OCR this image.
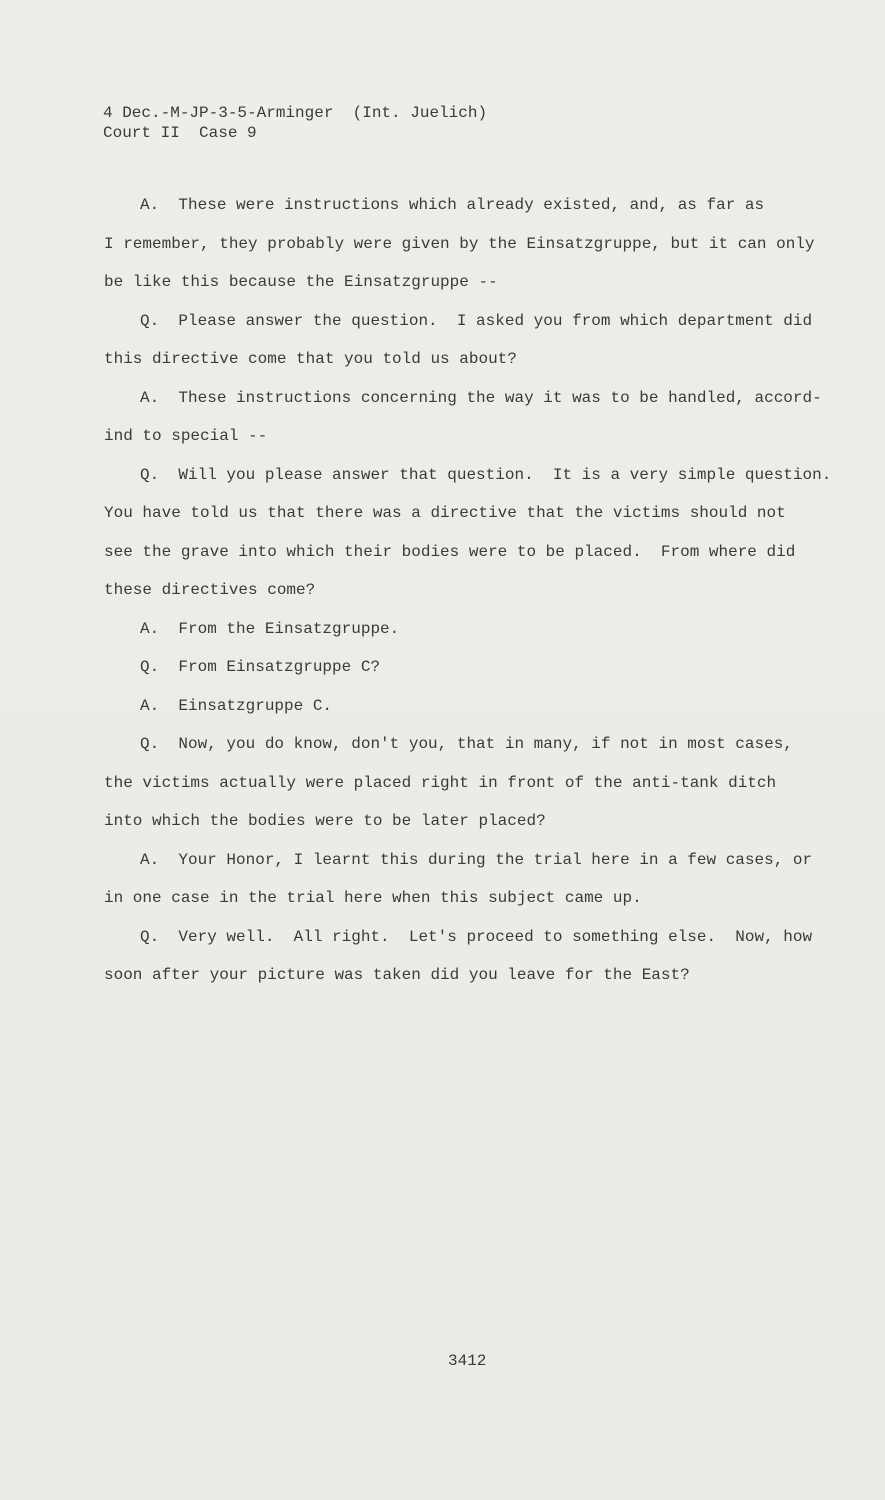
4 Dec.-M-JP-3-5-Arminger  (Int. Juelich)
Court II  Case 9
A.  These were instructions which already existed, and, as far as
I remember, they probably were given by the Einsatzgruppe, but it can only
be like this because the Einsatzgruppe --
Q.  Please answer the question.  I asked you from which department did
this directive come that you told us about?
A.  These instructions concerning the way it was to be handled, accord-
ind to special --
Q.  Will you please answer that question.  It is a very simple question.
You have told us that there was a directive that the victims should not
see the grave into which their bodies were to be placed.  From where did
these directives come?
A.  From the Einsatzgruppe.
Q.  From Einsatzgruppe C?
A.  Einsatzgruppe C.
Q.  Now, you do know, don't you, that in many, if not in most cases,
the victims actually were placed right in front of the anti-tank ditch
into which the bodies were to be later placed?
A.  Your Honor, I learnt this during the trial here in a few cases, or
in one case in the trial here when this subject came up.
Q.  Very well.  All right.  Let's proceed to something else.  Now, how
soon after your picture was taken did you leave for the East?
3412
